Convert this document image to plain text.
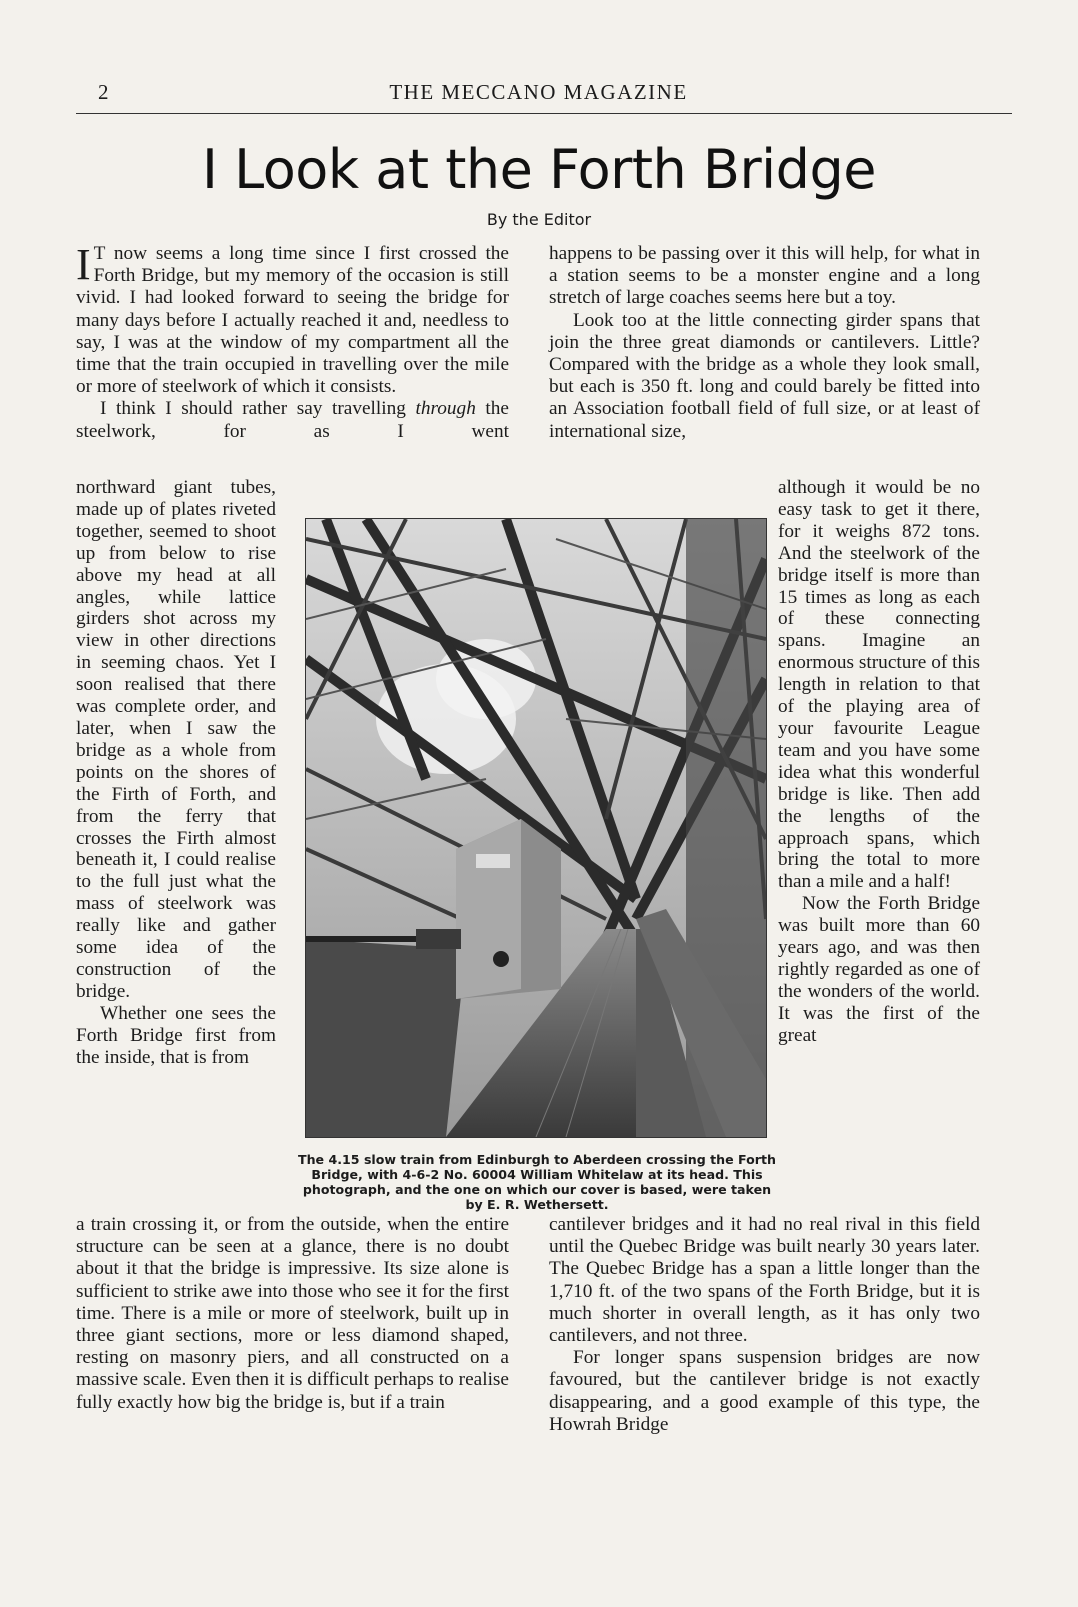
2	THE MECCANO MAGAZINE
I Look at the Forth Bridge
By the Editor

I T now seems a long time since I first crossed the Forth Bridge, but my memory of the occasion is still vivid. I had looked forward to seeing the bridge for many days before I actually reached it and, needless to say, I was at the window of my compartment all the time that the train occupied in travelling over the mile or more of steelwork of which it consists.

I think I should rather say travelling through the steelwork, for as I went

northward giant tubes, made up of plates riveted together, seemed to shoot up from below to rise above my head at all angles, while lattice girders shot across my view in other directions in seeming chaos. Yet I soon realised that there was complete order, and later, when I saw the bridge as a whole from points on the shores of the Firth of Forth, and from the ferry that crosses the Firth almost beneath it, I could realise to the full just what the mass of steelwork was really like and gather some idea of the construction of the bridge.

Whether one sees the Forth Bridge first from the inside, that is from

a train crossing it, or from the outside, when the entire structure can be seen at a glance, there is no doubt about it that the bridge is impressive. Its size alone is sufficient to strike awe into those who see it for the first time. There is a mile or more of steelwork, built up in three giant sections, more or less diamond shaped, resting on masonry piers, and all constructed on a massive scale. Even then it is difficult perhaps to realise fully exactly how big the bridge is, but if a train

happens to be passing over it this will help, for what in a station seems to be a monster engine and a long stretch of large coaches seems here but a toy.

Look too at the little connecting girder spans that join the three great diamonds or cantilevers. Little? Compared with the bridge as a whole they look small, but each is 350 ft. long and could barely be fitted into an Association football field of full size, or at least of international size,

although it would be no easy task to get it there, for it weighs 872 tons. And the steelwork of the bridge itself is more than 15 times as long as each of these connecting spans. Imagine an enormous structure of this length in relation to that of the playing area of your favourite League team and you have some idea what this wonderful bridge is like. Then add the lengths of the approach spans, which bring the total to more than a mile and a half!

Now the Forth Bridge was built more than 60 years ago, and was then rightly regarded as one of the wonders of the world. It was the first of the great

cantilever bridges and it had no real rival in this field until the Quebec Bridge was built nearly 30 years later. The Quebec Bridge has a span a little longer than the 1,710 ft. of the two spans of the Forth Bridge, but it is much shorter in overall length, as it has only two cantilevers, and not three.

For longer spans suspension bridges are now favoured, but the cantilever bridge is not exactly disappearing, and a good example of this type, the Howrah Bridge

The 4.15 slow train from Edinburgh to Aberdeen crossing the Forth Bridge, with 4-6-2 No. 60004 William Whitelaw at its head. This photograph, and the one on which our cover is based, were taken by E. R. Wethersett.
